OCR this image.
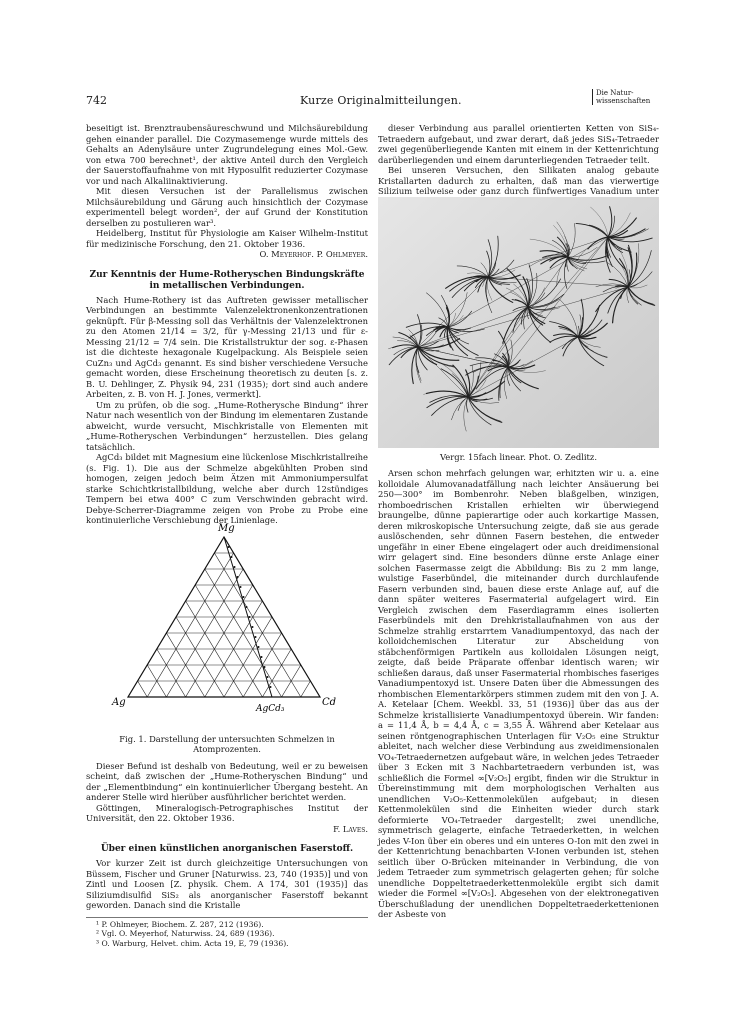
742	Kurze Originalmitteilungen.
Die Natur-
wissenschaften

beseitigt ist. Brenztraubensäureschwund und Milchsäurebildung gehen einander parallel. Die Cozymasemenge wurde mittels des Gehalts an Adenylsäure unter Zugrundelegung eines Mol.-Gew. von etwa 700 berechnet¹, der aktive Anteil durch den Vergleich der Sauerstoffaufnahme von mit Hyposulfit reduzierter Cozymase vor und nach Alkaliinaktivierung.

Mit diesen Versuchen ist der Parallelismus zwischen Milchsäurebildung und Gärung auch hinsichtlich der Cozymase experimentell belegt worden², der auf Grund der Konstitution derselben zu postulieren war³.

Heidelberg, Institut für Physiologie am Kaiser Wilhelm-Institut für medizinische Forschung, den 21. Oktober 1936.

O. Meyerhof. P. Ohlmeyer.

Zur Kenntnis der Hume-Rotheryschen Bindungskräfte in metallischen Verbindungen.

Nach Hume-Rothery ist das Auftreten gewisser metallischer Verbindungen an bestimmte Valenzelektronenkonzentrationen geknüpft. Für β-Messing soll das Verhältnis der Valenzelektronen zu den Atomen 21/14 = 3/2, für γ-Messing 21/13 und für ε-Messing 21/12 = 7/4 sein. Die Kristallstruktur der sog. ε-Phasen ist die dichteste hexagonale Kugelpackung. Als Beispiele seien CuZn₃ und AgCd₃ genannt. Es sind bisher verschiedene Versuche gemacht worden, diese Erscheinung theoretisch zu deuten [s. z. B. U. Dehlinger, Z. Physik 94, 231 (1935); dort sind auch andere Arbeiten, z. B. von H. J. Jones, vermerkt].

Um zu prüfen, ob die sog. „Hume-Rotherysche Bindung“ ihrer Natur nach wesentlich von der Bindung im elementaren Zustande abweicht, wurde versucht, Mischkristalle von Elementen mit „Hume-Rotheryschen Verbindungen“ herzustellen. Dies gelang tatsächlich.

AgCd₃ bildet mit Magnesium eine lückenlose Mischkristallreihe (s. Fig. 1). Die aus der Schmelze abgekühlten Proben sind homogen, zeigen jedoch beim Ätzen mit Ammoniumpersulfat starke Schichtkristallbildung, welche aber durch 12stündiges Tempern bei etwa 400° C zum Verschwinden gebracht wird. Debye-Scherrer-Diagramme zeigen von Probe zu Probe eine kontinuierliche Verschiebung der Linienlage.

Fig. 1. Darstellung der untersuchten Schmelzen in Atomprozenten.

Dieser Befund ist deshalb von Bedeutung, weil er zu beweisen scheint, daß zwischen der „Hume-Rotheryschen Bindung“ und der „Elementbindung“ ein kontinuierlicher Übergang besteht. An anderer Stelle wird hierüber ausführlicher berichtet werden.

Göttingen, Mineralogisch-Petrographisches Institut der Universität, den 22. Oktober 1936.

F. Laves.

Über einen künstlichen anorganischen Faserstoff.

Vor kurzer Zeit ist durch gleichzeitige Untersuchungen von Büssem, Fischer und Gruner [Naturwiss. 23, 740 (1935)] und von Zintl und Loosen [Z. physik. Chem. A 174, 301 (1935)] das Siliziumdisulfid SiS₂ als anorganischer Faserstoff bekannt geworden. Danach sind die Kristalle

¹ P. Ohlmeyer, Biochem. Z. 287, 212 (1936).

² Vgl. O. Meyerhof, Naturwiss. 24, 689 (1936).

³ O. Warburg, Helvet. chim. Acta 19, E, 79 (1936).

Mg
Ag	Cd
AgCd₃

dieser Verbindung aus parallel orientierten Ketten von SiS₄-Tetraedern aufgebaut, und zwar derart, daß jedes SiS₄-Tetraeder zwei gegenüberliegende Kanten mit einem in der Kettenrichtung darüberliegenden und einem darunterliegenden Tetraeder teilt.

Bei unseren Versuchen, den Silikaten analog gebaute Kristallarten dadurch zu erhalten, daß man das vierwertige Silizium teilweise oder ganz durch fünfwertiges Vanadium unter

Vergr. 15fach linear. Phot. O. Zedlitz.

Arsen schon mehrfach gelungen war, erhitzten wir u. a. eine kolloidale Alumovanadatfällung nach leichter Ansäuerung bei 250—300° im Bombenrohr. Neben blaßgelben, winzigen, rhomboedrischen Kristallen erhielten wir überwiegend braungelbe, dünne papierartige oder auch korkartige Massen, deren mikroskopische Untersuchung zeigte, daß sie aus gerade auslöschenden, sehr dünnen Fasern bestehen, die entweder ungefähr in einer Ebene eingelagert oder auch dreidimensional wirr gelagert sind. Eine besonders dünne erste Anlage einer solchen Fasermasse zeigt die Abbildung: Bis zu 2 mm lange, wulstige Faserbündel, die miteinander durch durchlaufende Fasern verbunden sind, bauen diese erste Anlage auf, auf die dann später weiteres Fasermaterial aufgelagert wird. Ein Vergleich zwischen dem Faserdiagramm eines isolierten Faserbündels mit den Drehkristallaufnahmen von aus der Schmelze strahlig erstarrtem Vanadiumpentoxyd, das nach der kolloidchemischen Literatur zur Abscheidung von stäbchenförmigen Partikeln aus kolloidalen Lösungen neigt, zeigte, daß beide Präparate offenbar identisch waren; wir schließen daraus, daß unser Fasermaterial rhombisches faseriges Vanadiumpentoxyd ist. Unsere Daten über die Abmessungen des rhombischen Elementarkörpers stimmen zudem mit den von J. A. A. Ketelaar [Chem. Weekbl. 33, 51 (1936)] über das aus der Schmelze kristallisierte Vanadiumpentoxyd überein. Wir fanden: a = 11,4 Å, b = 4,4 Å, c = 3,55 Å. Während aber Ketelaar aus seinen röntgenographischen Unterlagen für V₂O₅ eine Struktur ableitet, nach welcher diese Verbindung aus zweidimensionalen VO₄-Tetraedernetzen aufgebaut wäre, in welchen jedes Tetraeder über 3 Ecken mit 3 Nachbartetraedern verbunden ist, was schließlich die Formel ∞[V₂O₅] ergibt, finden wir die Struktur in Übereinstimmung mit dem morphologischen Verhalten aus unendlichen V₂O₅-Kettenmolekülen aufgebaut; in diesen Kettenmolekülen sind die Einheiten wieder durch stark deformierte VO₄-Tetraeder dargestellt; zwei unendliche, symmetrisch gelagerte, einfache Tetraederketten, in welchen jedes V-Ion über ein oberes und ein unteres O-Ion mit den zwei in der Kettenrichtung benachbarten V-Ionen verbunden ist, stehen seitlich über O-Brücken miteinander in Verbindung, die von jedem Tetraeder zum symmetrisch gelagerten gehen; für solche unendliche Doppeltetraederkettenmoleküle ergibt sich damit wieder die Formel ∞[V₂O₅]. Abgesehen von der elektronegativen Überschußladung der unendlichen Doppeltetraederkettenionen der Asbeste von
